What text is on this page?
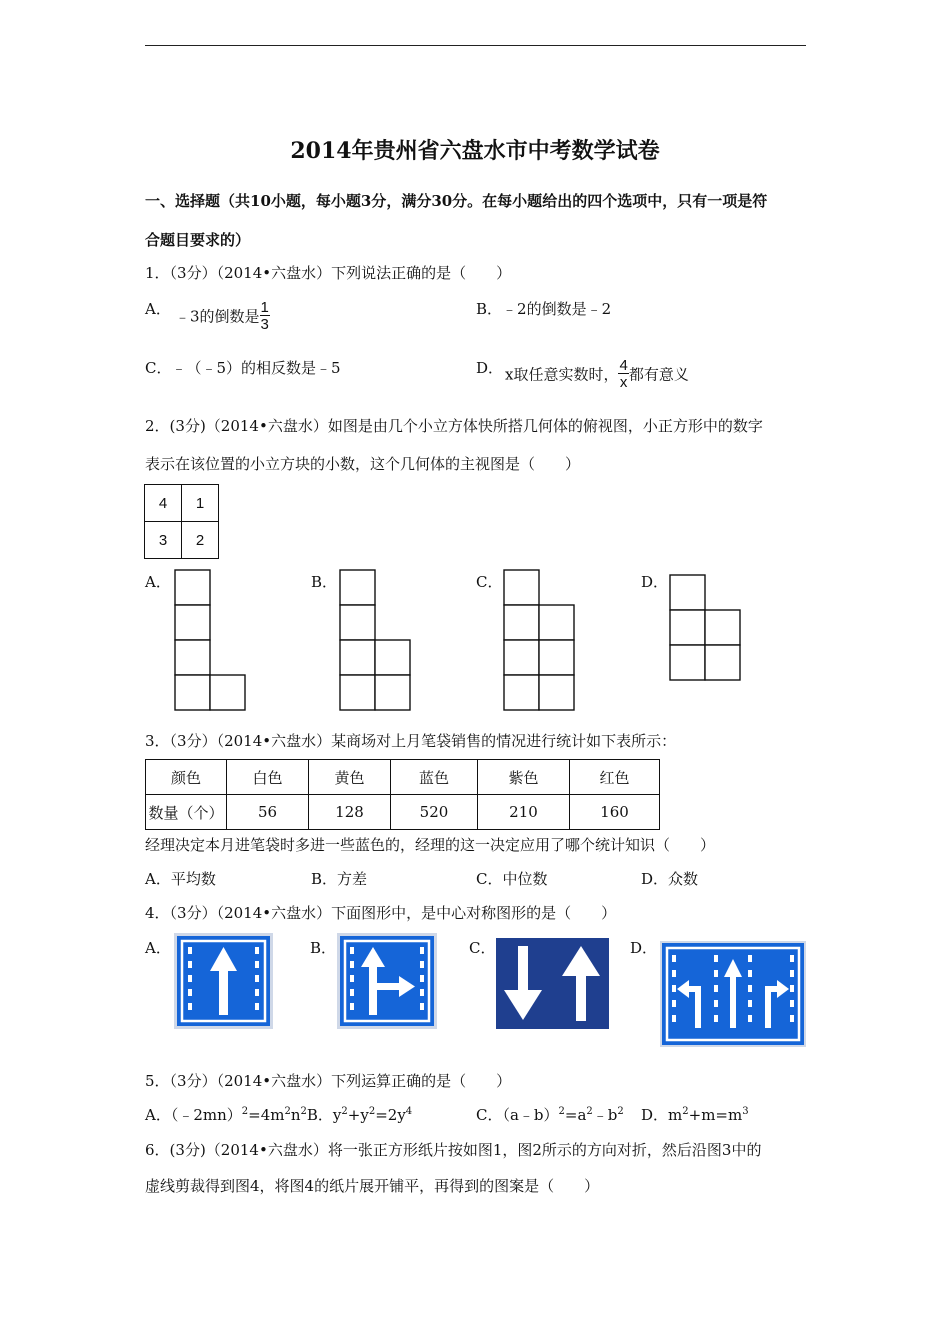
2014年贵州省六盘水市中考数学试卷
一、选择题（共10小题，每小题3分，满分30分。在每小题给出的四个选项中，只有一项是符
合题目要求的）
1．（3分）（2014•六盘水）下列说法正确的是（　　）
A． ﹣3的倒数是 $\frac{1}{3}$	B．﹣2的倒数是﹣2
C．﹣（﹣5）的相反数是﹣5	D． x取任意实数时， $\frac{4}{x}$ 都有意义
2．(3分)（2014•六盘水）如图是由几个小立方体快所搭几何体的俯视图，小正方形中的数字
表示在该位置的小立方块的小数，这个几何体的主视图是（　　）
4	1
3	2
A．	B．	C．	D．
3．（3分）（2014•六盘水）某商场对上月笔袋销售的情况进行统计如下表所示：
颜色	白色	黄色	蓝色	紫色	红色
数量（个）	56	128	520	210	160
经理决定本月进笔袋时多进一些蓝色的，经理的这一决定应用了哪个统计知识（　　）
A．平均数	B．方差	C．中位数	D．众数
4．（3分）（2014•六盘水）下面图形中，是中心对称图形的是（　　）
A．	B．	C．	D．
5．（3分）（2014•六盘水）下列运算正确的是（　　）
A．$(﹣2mn)^2=4m^2n^2B$．$y^2+y^2=2y^4$	C．$(a﹣b)^2=a^2﹣b^2$ D．$m^2+m=m^3$
6．(3分)（2014•六盘水）将一张正方形纸片按如图1，图2所示的方向对折，然后沿图3中的
虚线剪裁得到图4，将图4的纸片展开铺平，再得到的图案是（　　）
